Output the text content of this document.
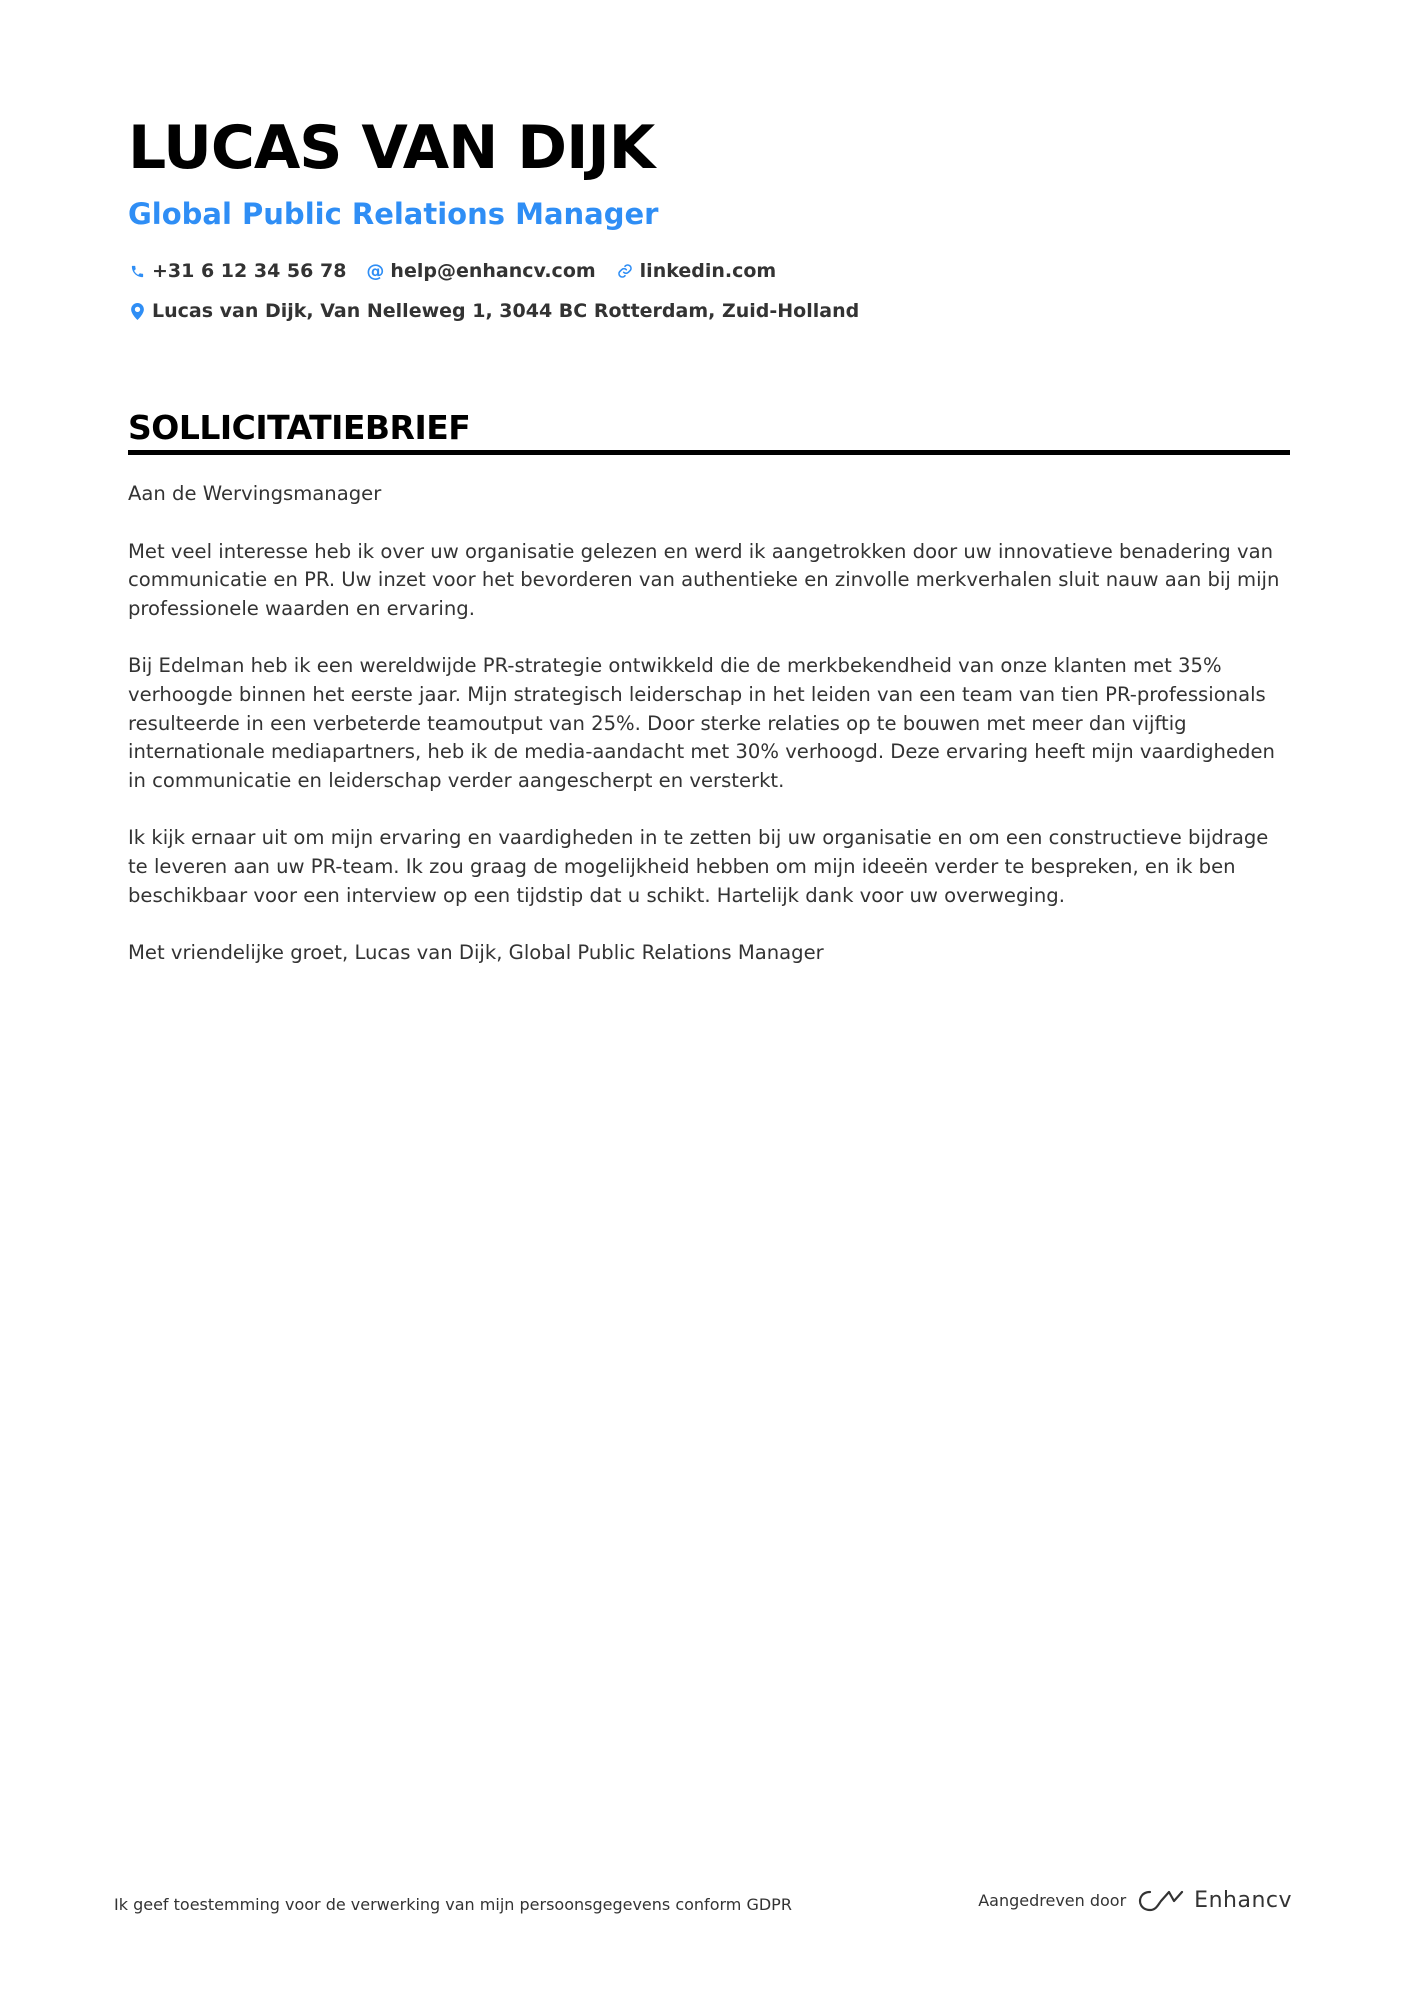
LUCAS VAN DIJK
Global Public Relations Manager
+31 6 12 34 56 78 @ help@enhancv.com linkedin.com
Lucas van Dijk, Van Nelleweg 1, 3044 BC Rotterdam, Zuid-Holland
SOLLICITATIEBRIEF

Aan de Wervingsmanager

Met veel interesse heb ik over uw organisatie gelezen en werd ik aangetrokken door uw innovatieve benadering van communicatie en PR. Uw inzet voor het bevorderen van authentieke en zinvolle merkverhalen sluit nauw aan bij mijn professionele waarden en ervaring.

Bij Edelman heb ik een wereldwijde PR-strategie ontwikkeld die de merkbekendheid van onze klanten met 35% verhoogde binnen het eerste jaar. Mijn strategisch leiderschap in het leiden van een team van tien PR-professionals resulteerde in een verbeterde teamoutput van 25%. Door sterke relaties op te bouwen met meer dan vijftig internationale mediapartners, heb ik de media-aandacht met 30% verhoogd. Deze ervaring heeft mijn vaardigheden in communicatie en leiderschap verder aangescherpt en versterkt.

Ik kijk ernaar uit om mijn ervaring en vaardigheden in te zetten bij uw organisatie en om een constructieve bijdrage te leveren aan uw PR-team. Ik zou graag de mogelijkheid hebben om mijn ideeën verder te bespreken, en ik ben beschikbaar voor een interview op een tijdstip dat u schikt. Hartelijk dank voor uw overweging.

Met vriendelijke groet, Lucas van Dijk, Global Public Relations Manager

Ik geef toestemming voor de verwerking van mijn persoonsgegevens conform GDPR	Aangedreven door	Enhancv
